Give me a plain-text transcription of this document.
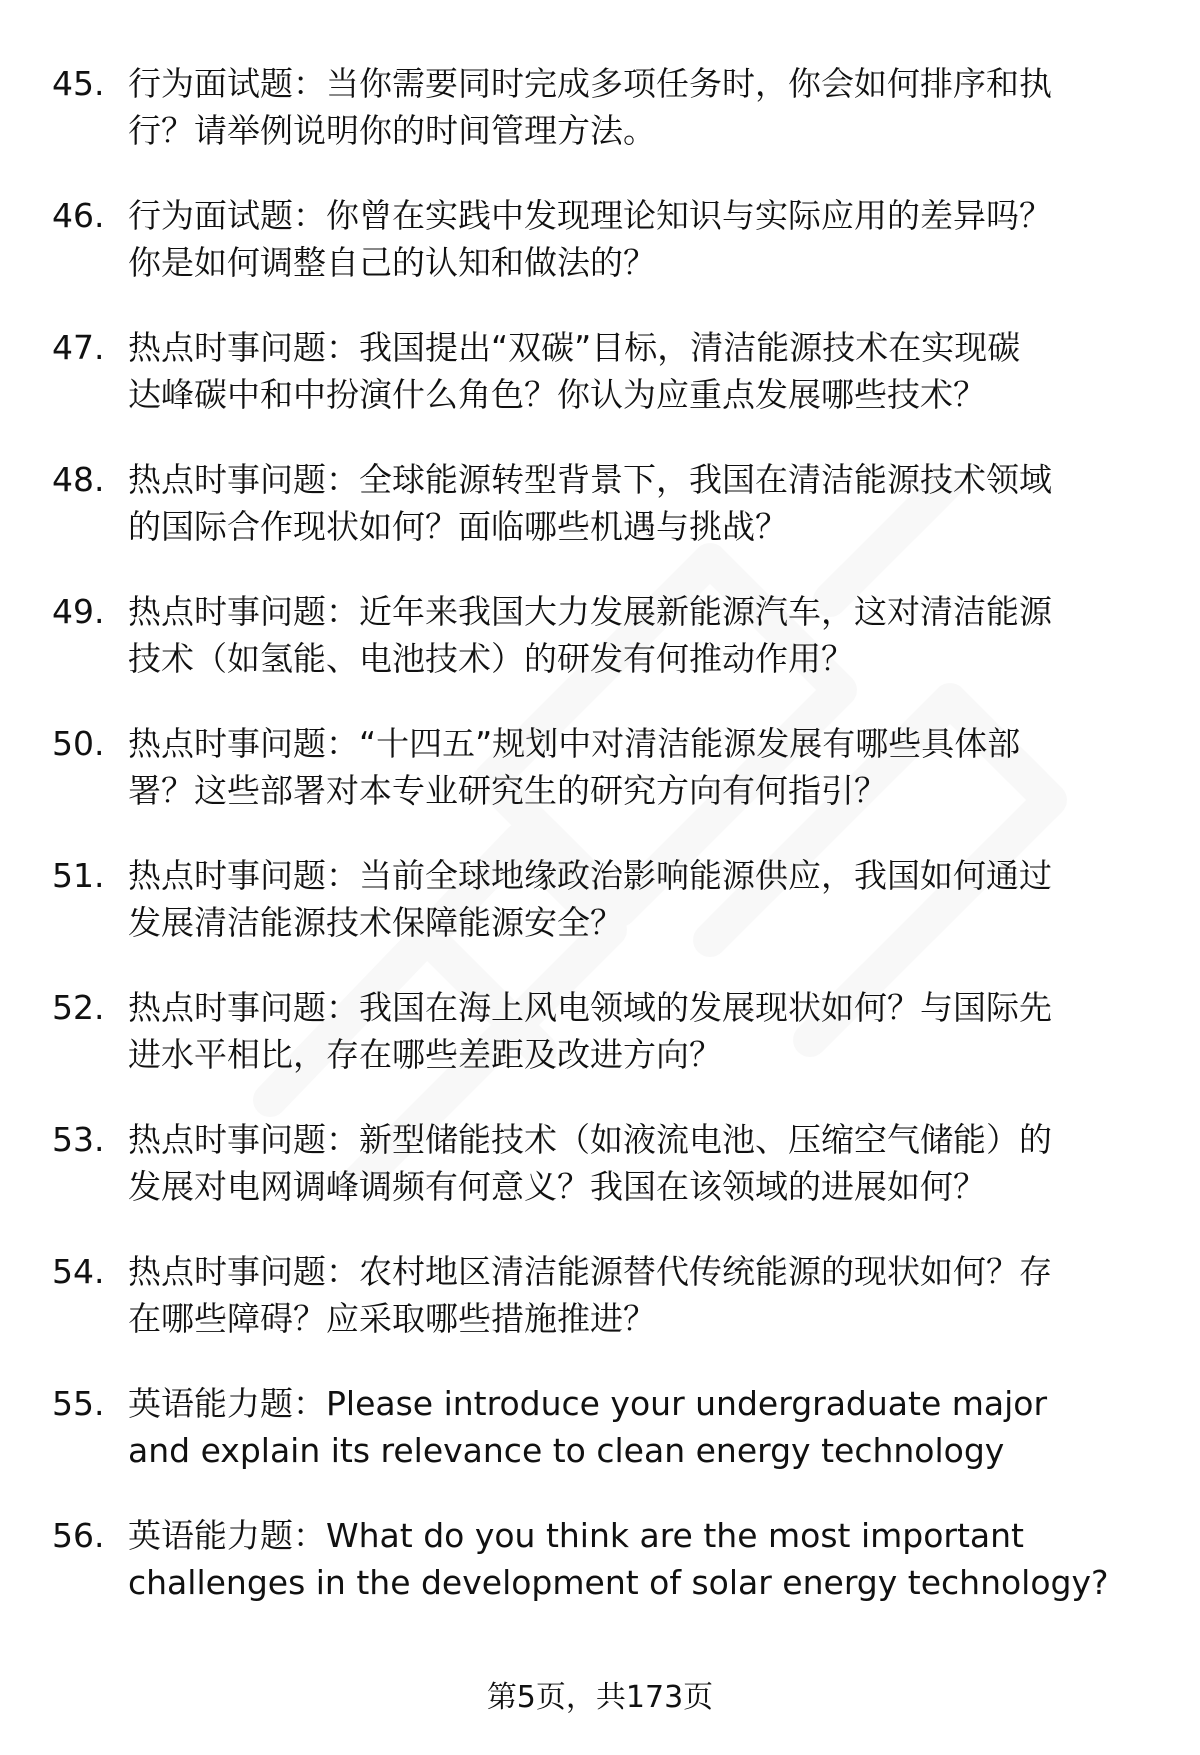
45. 行为面试题：当你需要同时完成多项任务时，你会如何排序和执
行？请举例说明你的时间管理方法。
46. 行为面试题：你曾在实践中发现理论知识与实际应用的差异吗？
你是如何调整自己的认知和做法的？
47. 热点时事问题：我国提出“双碳”目标，清洁能源技术在实现碳
达峰碳中和中扮演什么角色？你认为应重点发展哪些技术？
48. 热点时事问题：全球能源转型背景下，我国在清洁能源技术领域
的国际合作现状如何？面临哪些机遇与挑战？
49. 热点时事问题：近年来我国大力发展新能源汽车，这对清洁能源
技术（如氢能、电池技术）的研发有何推动作用？
50. 热点时事问题：“十四五”规划中对清洁能源发展有哪些具体部
署？这些部署对本专业研究生的研究方向有何指引？
51. 热点时事问题：当前全球地缘政治影响能源供应，我国如何通过
发展清洁能源技术保障能源安全？
52. 热点时事问题：我国在海上风电领域的发展现状如何？与国际先
进水平相比，存在哪些差距及改进方向？
53. 热点时事问题：新型储能技术（如液流电池、压缩空气储能）的
发展对电网调峰调频有何意义？我国在该领域的进展如何？
54. 热点时事问题：农村地区清洁能源替代传统能源的现状如何？存
在哪些障碍？应采取哪些措施推进？
55. 英语能力题：Please introduce your undergraduate major
and explain its relevance to clean energy technology
56. 英语能力题：What do you think are the most important
challenges in the development of solar energy technology?
第5页，共173页
